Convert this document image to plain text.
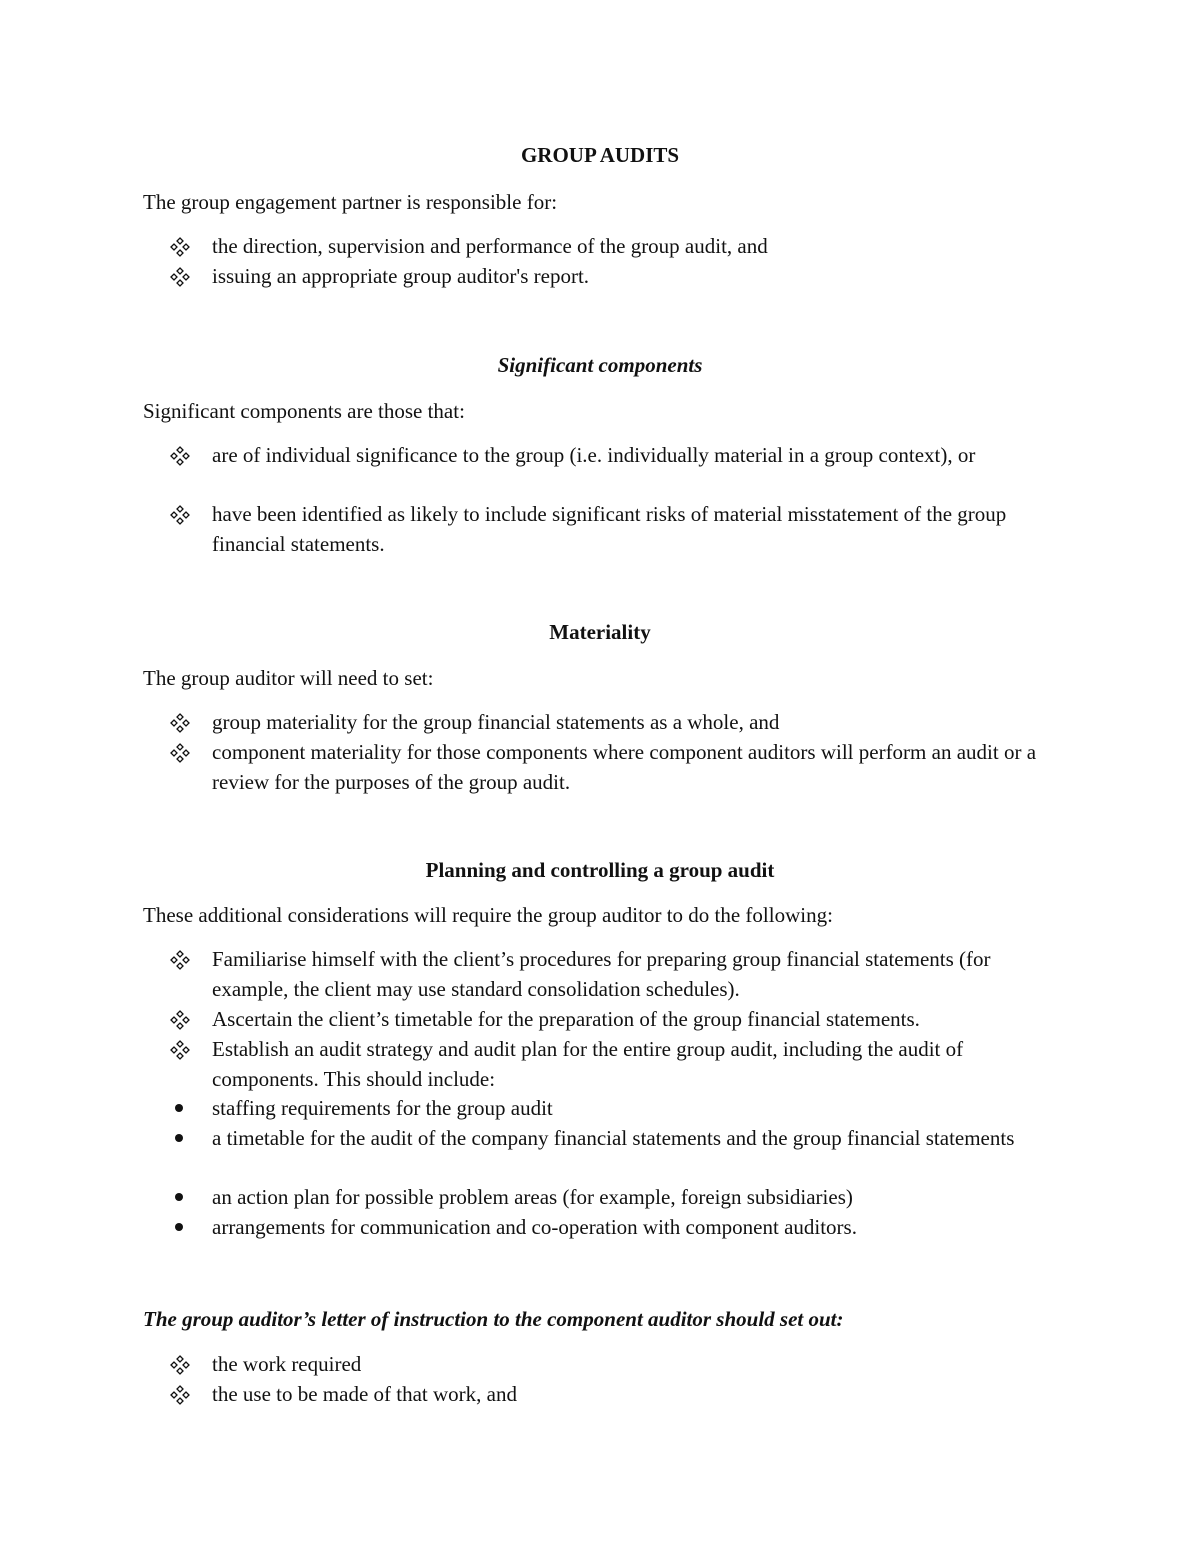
GROUP AUDITS
The group engagement partner is responsible for:
the direction, supervision and performance of the group audit, and
issuing an appropriate group auditor's report.
Significant components
Significant components are those that:
are of individual significance to the group (i.e. individually material in a group context), or
have been identified as likely to include significant risks of material misstatement of the group financial statements.
Materiality
The group auditor will need to set:
group materiality for the group financial statements as a whole, and
component materiality for those components where component auditors will perform an audit or a review for the purposes of the group audit.
Planning and controlling a group audit
These additional considerations will require the group auditor to do the following:
Familiarise himself with the client’s procedures for preparing group financial statements (for example, the client may use standard consolidation schedules).
Ascertain the client’s timetable for the preparation of the group financial statements.
Establish an audit strategy and audit plan for the entire group audit, including the audit of components. This should include:
staffing requirements for the group audit
a timetable for the audit of the company financial statements and the group financial statements
an action plan for possible problem areas (for example, foreign subsidiaries)
arrangements for communication and co-operation with component auditors.
The group auditor’s letter of instruction to the component auditor should set out:
the work required
the use to be made of that work, and
